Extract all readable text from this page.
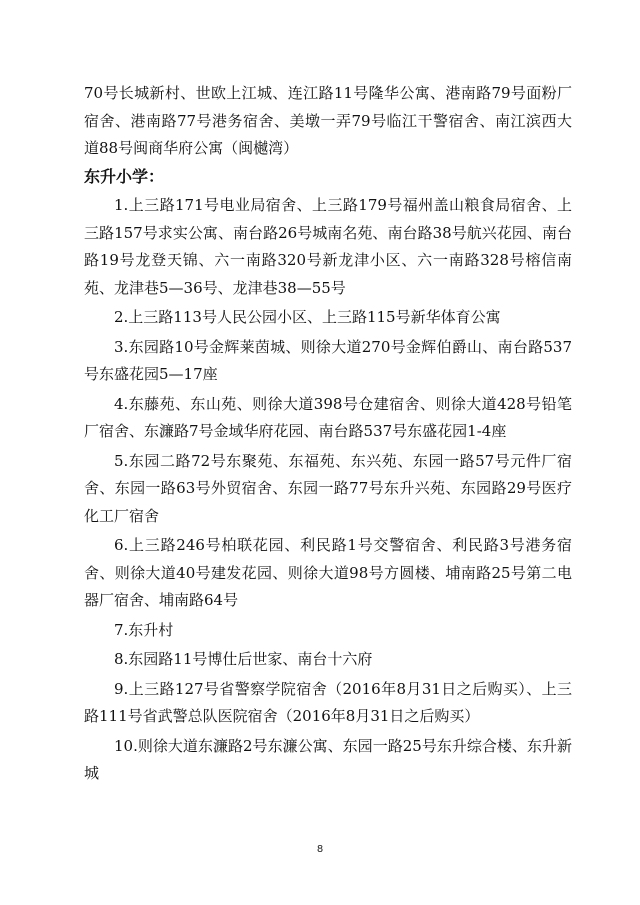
70号长城新村、世欧上江城、连江路11号隆华公寓、港南路79号面粉厂宿舍、港南路77号港务宿舍、美墩一弄79号临江干警宿舍、南江滨西大道88号闽商华府公寓（闽樾湾）

东升小学：

1.上三路171号电业局宿舍、上三路179号福州盖山粮食局宿舍、上三路157号求实公寓、南台路26号城南名苑、南台路38号航兴花园、南台路19号龙登天锦、六一南路320号新龙津小区、六一南路328号榕信南苑、龙津巷5—36号、龙津巷38—55号

2.上三路113号人民公园小区、上三路115号新华体育公寓

3.东园路10号金辉莱茵城、则徐大道270号金辉伯爵山、南台路537号东盛花园5—17座

4.东藤苑、东山苑、则徐大道398号仓建宿舍、则徐大道428号铅笔厂宿舍、东濂路7号金域华府花园、南台路537号东盛花园1-4座

5.东园二路72号东聚苑、东福苑、东兴苑、东园一路57号元件厂宿舍、东园一路63号外贸宿舍、东园一路77号东升兴苑、东园路29号医疗化工厂宿舍

6.上三路246号柏联花园、利民路1号交警宿舍、利民路3号港务宿舍、则徐大道40号建发花园、则徐大道98号方圆楼、埔南路25号第二电器厂宿舍、埔南路64号

7.东升村

8.东园路11号博仕后世家、南台十六府

9.上三路127号省警察学院宿舍（2016年8月31日之后购买）、上三路111号省武警总队医院宿舍（2016年8月31日之后购买）

10.则徐大道东濂路2号东濂公寓、东园一路25号东升综合楼、东升新城

8
